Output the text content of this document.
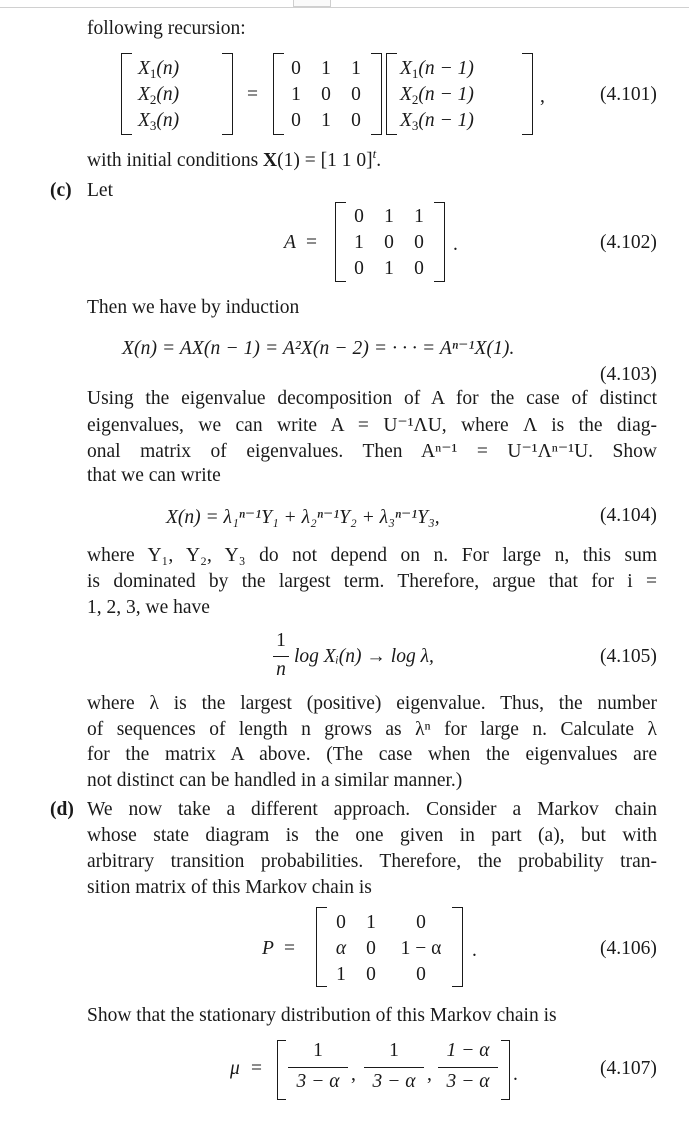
following recursion:
$X_1(n)$
$X_2(n)$
$X_3(n)$
=
0	1	1
1	0	0
0	1	0
$X_1(n - 1)$
$X_2(n - 1)$
$X_3(n - 1)$
,	(4.101)
with initial conditions X(1) = [1 1 0]$^t$.
(c) Let
A =
0	1	1
1	0	0
0	1	0
.	(4.102)
Then we have by induction
X(n) = AX(n − 1) = A²X(n − 2) = · · · = Aⁿ⁻¹X(1).
(4.103)
Using the eigenvalue decomposition of A for the case of distinct
eigenvalues, we can write A = U⁻¹ΛU, where Λ is the diag-
onal matrix of eigenvalues. Then Aⁿ⁻¹ = U⁻¹Λⁿ⁻¹U. Show
that we can write
X(n) = λ₁ⁿ⁻¹Y₁ + λ₂ⁿ⁻¹Y₂ + λ₃ⁿ⁻¹Y₃,	(4.104)
where Y₁, Y₂, Y₃ do not depend on n. For large n, this sum
is dominated by the largest term. Therefore, argue that for i =
1, 2, 3, we have
1
n
log Xᵢ(n) → log λ,	(4.105)
where λ is the largest (positive) eigenvalue. Thus, the number
of sequences of length n grows as λⁿ for large n. Calculate λ
for the matrix A above. (The case when the eigenvalues are
not distinct can be handled in a similar manner.)
(d) We now take a different approach. Consider a Markov chain
whose state diagram is the one given in part (a), but with
arbitrary transition probabilities. Therefore, the probability tran-
sition matrix of this Markov chain is
P =
0	1	0
α	0	1 − α
1	0	0
.	(4.106)
Show that the stationary distribution of this Markov chain is
μ =
1
3 − α ,
1
3 − α ,
1 − α
3 − α	.	(4.107)
